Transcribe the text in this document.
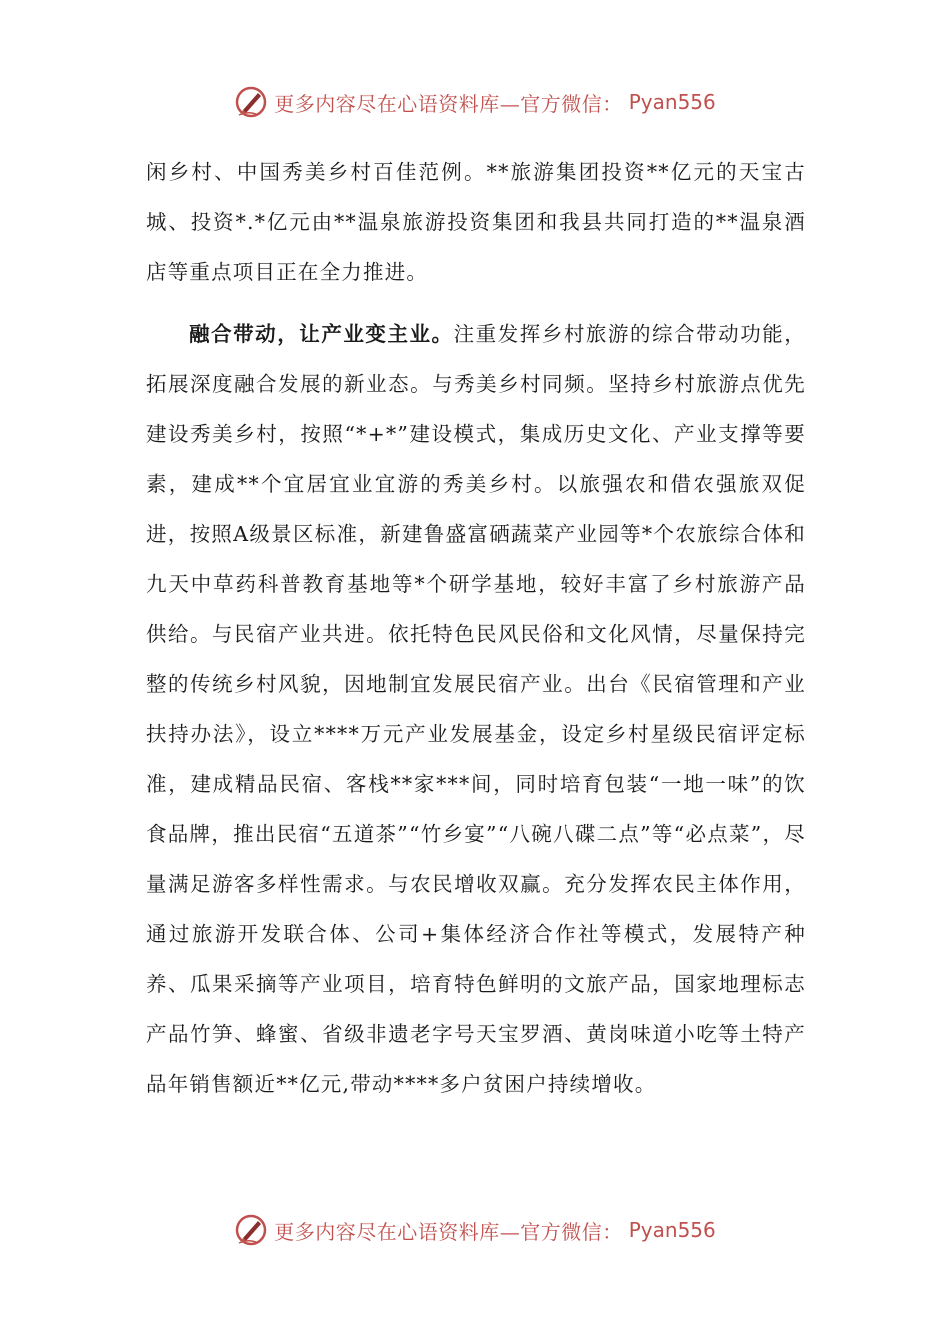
更多内容尽在心语资料库—官方微信： Pyan556

闲乡村、中国秀美乡村百佳范例。**旅游集团投资**亿元的天宝古城、投资*.*亿元由**温泉旅游投资集团和我县共同打造的**温泉酒店等重点项目正在全力推进。

融合带动，让产业变主业。注重发挥乡村旅游的综合带动功能，拓展深度融合发展的新业态。与秀美乡村同频。坚持乡村旅游点优先建设秀美乡村，按照“*+*”建设模式，集成历史文化、产业支撑等要素，建成**个宜居宜业宜游的秀美乡村。以旅强农和借农强旅双促进，按照A级景区标准，新建鲁盛富硒蔬菜产业园等*个农旅综合体和九天中草药科普教育基地等*个研学基地，较好丰富了乡村旅游产品供给。与民宿产业共进。依托特色民风民俗和文化风情，尽量保持完整的传统乡村风貌，因地制宜发展民宿产业。出台《民宿管理和产业扶持办法》，设立****万元产业发展基金，设定乡村星级民宿评定标准，建成精品民宿、客栈**家***间，同时培育包装“一地一味”的饮食品牌，推出民宿“五道茶”“竹乡宴”“八碗八碟二点”等“必点菜”，尽量满足游客多样性需求。与农民增收双赢。充分发挥农民主体作用，通过旅游开发联合体、公司+集体经济合作社等模式，发展特产种养、瓜果采摘等产业项目，培育特色鲜明的文旅产品，国家地理标志产品竹笋、蜂蜜、省级非遗老字号天宝罗酒、黄岗味道小吃等土特产品年销售额近**亿元,带动****多户贫困户持续增收。

更多内容尽在心语资料库—官方微信： Pyan556
